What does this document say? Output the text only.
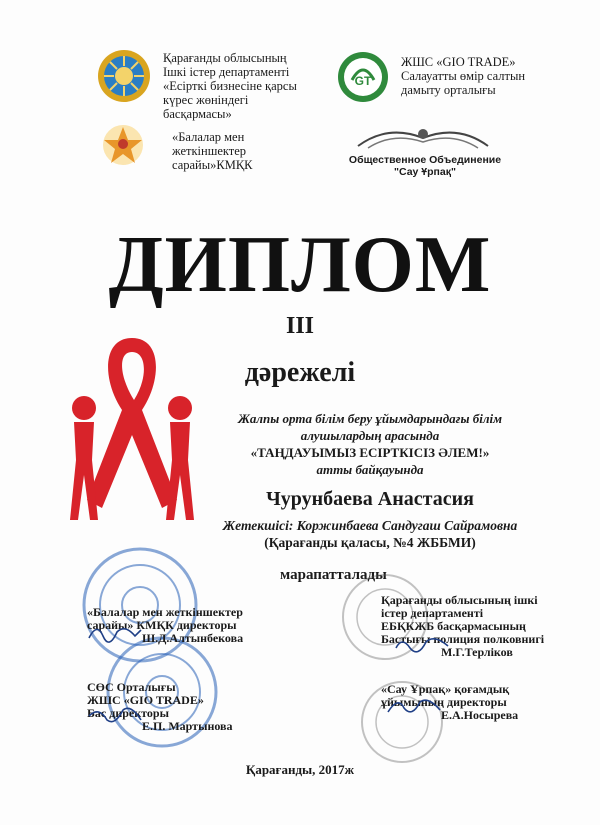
Қарағанды облысының
Ішкі істер департаменті
«Есірткі бизнесіне қарсы
күрес жөніндегі
басқармасы»
GT
ЖШС «GIO TRADE»
Салауатты өмір салтын
дамыту орталығы
«Балалар мен
жеткіншектер
сарайы»КМҚК	Общественное Объединение
"Сау Ұрпақ"
ДИПЛОМ
III
дәрежелі
Жалпы орта білім беру ұйымдарындағы білім
алушылардың арасында
«ТАҢДАУЫМЫЗ ЕСІРТКІСІЗ ӘЛЕМ!»
атты байқауында
Чурунбаева Анастасия
Жетекшісі: Коржинбаева Сандугаш Сайрамовна
(Қарағанды қаласы, №4 ЖББМИ)
марапатталады
«Балалар мен жеткіншектер
сарайы» КМҚК директоры
Ш.Д.Алтынбекова
СӨС Орталығы
ЖШС «GIO TRADE»
Бас директоры
Е.П. Мартынова
Қарағанды облысының ішкі
істер департаменті
ЕБҚКЖБ басқармасының
Бастығы полиция полковнигі
М.Г.Терліков
«Сау Ұрпақ» қоғамдық
ұйымының директоры
Е.А.Носырева
Қарағанды, 2017ж
